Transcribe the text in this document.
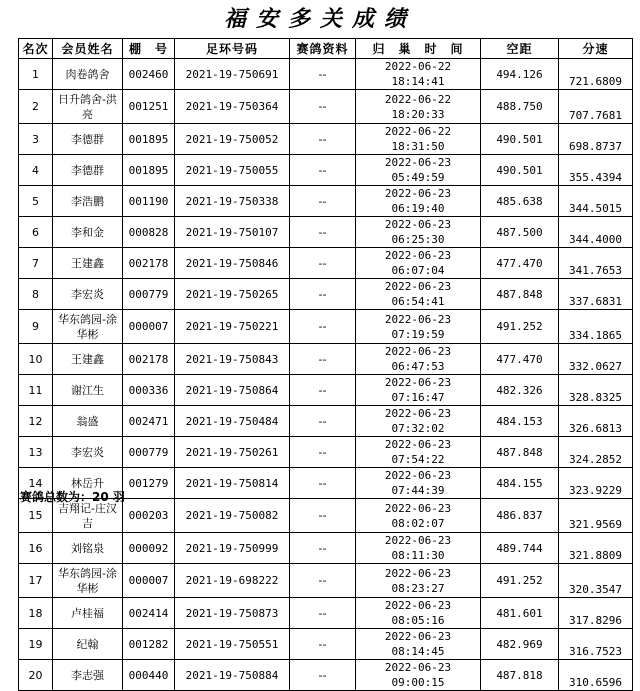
福安多关成绩
名次	会员姓名	棚　号	足环号码	赛鸽资料	归　巢　时　间	空距	分速
1	肉卷鸽舍	002460	2021-19-750691	--	2022-06-22 18:14:41	494.126	721.6809
2	日升鸽舍-洪亮	001251	2021-19-750364	--	2022-06-22 18:20:33	488.750	707.7681
3	李德群	001895	2021-19-750052	--	2022-06-22 18:31:50	490.501	698.8737
4	李德群	001895	2021-19-750055	--	2022-06-23 05:49:59	490.501	355.4394
5	李浩鹏	001190	2021-19-750338	--	2022-06-23 06:19:40	485.638	344.5015
6	李和金	000828	2021-19-750107	--	2022-06-23 06:25:30	487.500	344.4000
7	王建鑫	002178	2021-19-750846	--	2022-06-23 06:07:04	477.470	341.7653
8	李宏炎	000779	2021-19-750265	--	2022-06-23 06:54:41	487.848	337.6831
9	华东鸽园-涂华彬	000007	2021-19-750221	--	2022-06-23 07:19:59	491.252	334.1865
10	王建鑫	002178	2021-19-750843	--	2022-06-23 06:47:53	477.470	332.0627
11	谢江生	000336	2021-19-750864	--	2022-06-23 07:16:47	482.326	328.8325
12	翁盛	002471	2021-19-750484	--	2022-06-23 07:32:02	484.153	326.6813
13	李宏炎	000779	2021-19-750261	--	2022-06-23 07:54:22	487.848	324.2852
14	林岳升	001279	2021-19-750814	--	2022-06-23 07:44:39	484.155	323.9229
15	吉翔记-庄汉吉	000203	2021-19-750082	--	2022-06-23 08:02:07	486.837	321.9569
16	刘铭泉	000092	2021-19-750999	--	2022-06-23 08:11:30	489.744	321.8809
17	华东鸽园-涂华彬	000007	2021-19-698222	--	2022-06-23 08:23:27	491.252	320.3547
18	卢桂福	002414	2021-19-750873	--	2022-06-23 08:05:16	481.601	317.8296
19	纪翰	001282	2021-19-750551	--	2022-06-23 08:14:45	482.969	316.7523
20	李志强	000440	2021-19-750884	--	2022-06-23 09:00:15	487.818	310.6596
赛鸽总数为：20 羽
